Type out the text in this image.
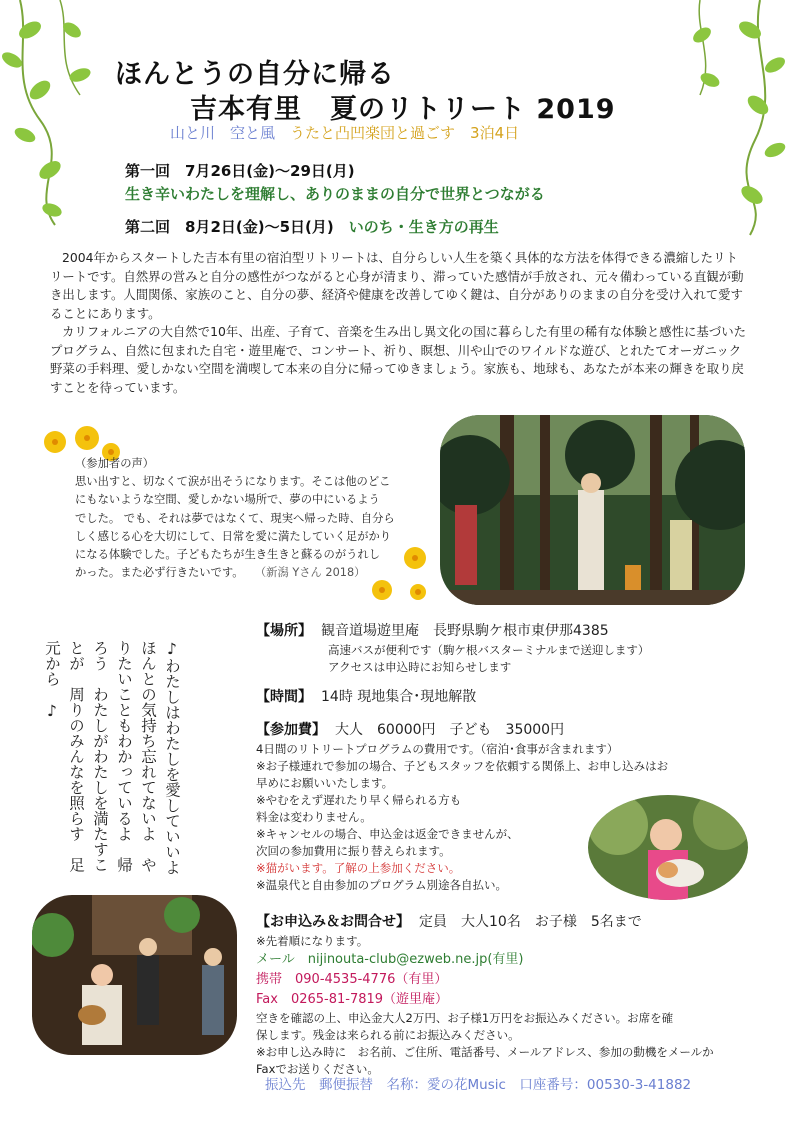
ほんとうの自分に帰る
吉本有里　夏のリトリート 2019
山と川　空と風　 うたと凸凹楽団と過ごす　3泊4日
第一回　7月26日(金)～29日(月)
生き辛いわたしを理解し、ありのままの自分で世界とつながる
第二回　8月2日(金)～5日(月)　 いのち・生き方の再生

2004年からスタートした吉本有里の宿泊型リトリートは、自分らしい人生を築く具体的な方法を体得できる濃縮したリトリートです。自然界の営みと自分の感性がつながると心身が清まり、滞っていた感情が手放され、元々備わっている直観が動き出します。人間関係、家族のこと、自分の夢、経済や健康を改善してゆく鍵は、自分がありのままの自分を受け入れて愛することにあります。

カリフォルニアの大自然で10年、出産、子育て、音楽を生み出し異文化の国に暮らした有里の稀有な体験と感性に基づいたプログラム、自然に包まれた自宅・遊里庵で、コンサート、祈り、瞑想、川や山でのワイルドな遊び、とれたてオーガニック野菜の手料理、愛しかない空間を満喫して本来の自分に帰ってゆきましょう。家族も、地球も、あなたが本来の輝きを取り戻すことを待っています。

（参加者の声）
思い出すと、切なくて涙が出そうになります。そこは他のどこ
にもないような空間、愛しかない場所で、夢の中にいるよう
でした。 でも、それは夢ではなくて、現実へ帰った時、自分ら
しく感じる心を大切にして、日常を愛に満たしていく足がかり
になる体験でした。子どもたちが生き生きと蘇るのがうれし
かった。また必ず行きたいです。　　 （新潟 Yさん 2018）
♪わたしはわたしを愛していいよ　ほんとの気持ち忘れてないよ　やりたいこともわかっているよ　帰ろう　わたしがわたしを満たすことが　周りのみんなを照らす　足元から　♪
【場所】　 観音道場遊里庵　長野県駒ケ根市東伊那4385
高速バスが便利です（駒ケ根バスターミナルまで送迎します）
アクセスは申込時にお知らせします
【時間】　 14時 現地集合･現地解散
【参加費】　 大人　60000円　子ども　35000円
4日間のリトリートプログラムの費用です。（宿泊･食事が含まれます）
※お子様連れで参加の場合、子どもスタッフを依頼する関係上、お申し込みはお
早めにお願いいたします。
※やむをえず遅れたり早く帰られる方も
料金は変わりません。
※キャンセルの場合、申込金は返金できませんが、
次回の参加費用に振り替えられます。
※猫がいます。了解の上参加ください。
※温泉代と自由参加のプログラム別途各自払い。
【お申込み＆お問合せ】　 定員　大人10名　お子様　5名まで
※先着順になります。
メール　nijinouta-club@ezweb.ne.jp(有里)
携帯　090-4535-4776（有里）
Fax　0265-81-7819（遊里庵）
空きを確認の上、申込金大人2万円、お子様1万円をお振込みください。お席を確
保します。残金は来られる前にお振込みください。
※お申し込み時に　お名前、ご住所、電話番号、メールアドレス、参加の動機をメールか
Faxでお送りください。
振込先　郵便振替　名称：愛の花Music　口座番号：00530-3-41882
